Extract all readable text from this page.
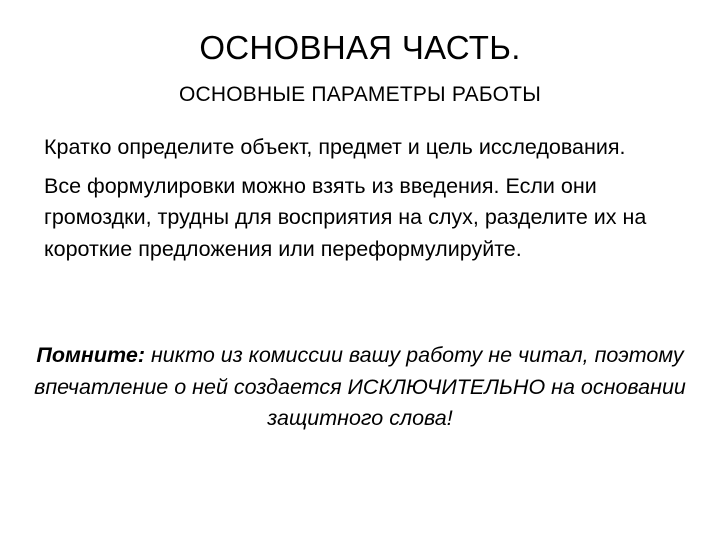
ОСНОВНАЯ ЧАСТЬ.
ОСНОВНЫЕ ПАРАМЕТРЫ РАБОТЫ

Кратко определите объект, предмет и цель исследования.

Все формулировки можно взять из введения. Если они громоздки, трудны для восприятия на слух, разделите их на короткие предложения или переформулируйте.

Помните: никто из комиссии вашу работу не читал, поэтому впечатление о ней создается ИСКЛЮЧИТЕЛЬНО на основании защитного слова!
